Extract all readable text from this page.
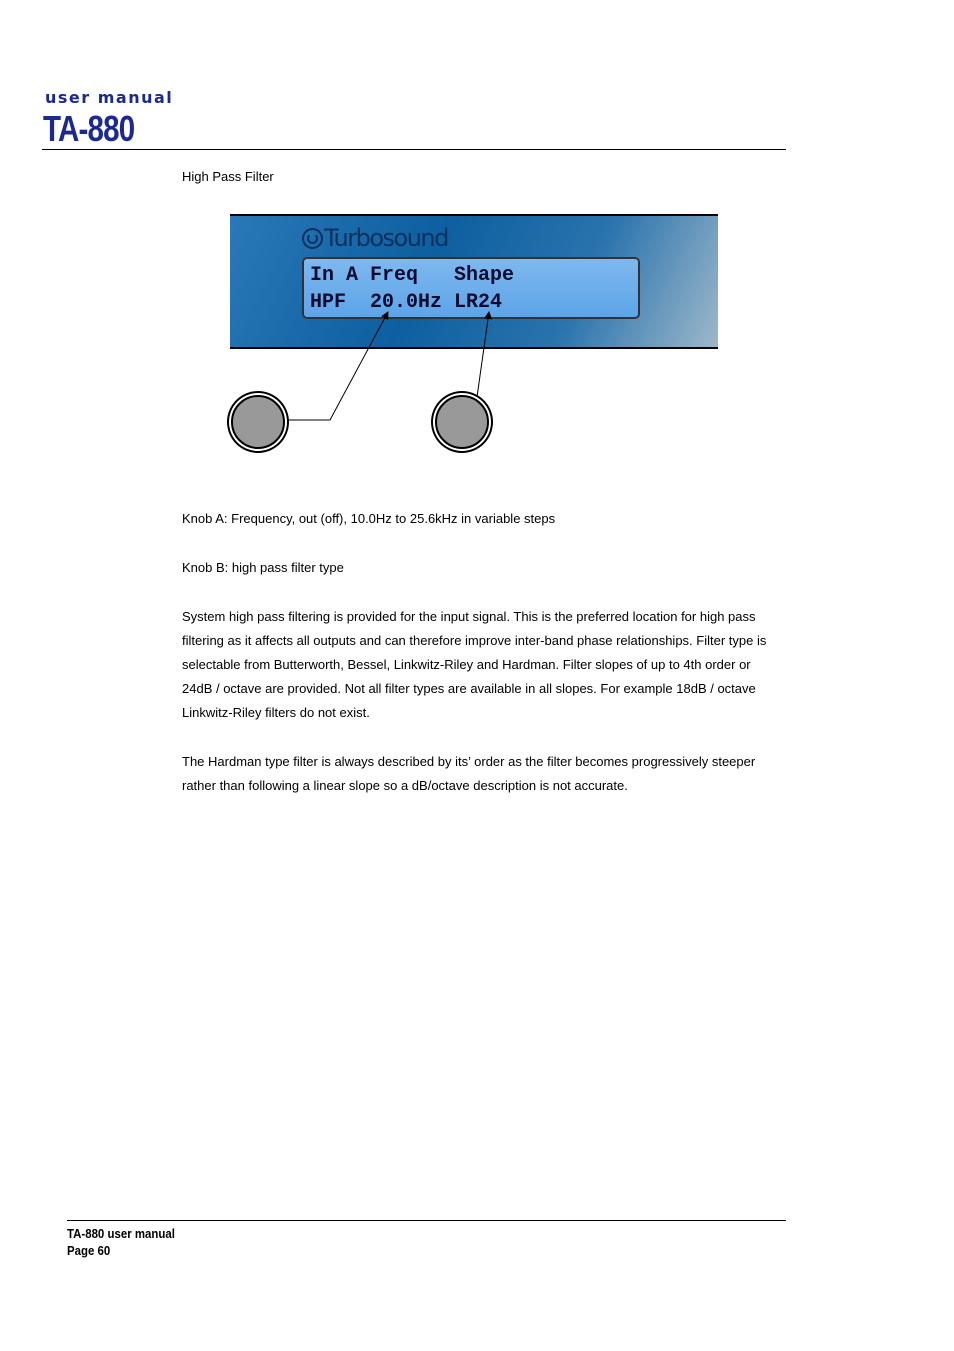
user manual
TA-880
High Pass Filter
Turbosound
In A Freq   Shape
HPF  20.0Hz LR24
Knob A: Frequency, out (off), 10.0Hz to 25.6kHz in variable steps
Knob B: high pass filter type
System high pass filtering is provided for the input signal. This is the preferred location for high pass filtering as it affects all outputs and can therefore improve inter-band phase relationships. Filter type is selectable from Butterworth, Bessel, Linkwitz-Riley and Hardman. Filter slopes of up to 4th order or 24dB / octave are provided. Not all filter types are available in all slopes. For example 18dB / octave Linkwitz-Riley filters do not exist.
The Hardman type filter is always described by its’ order as the filter becomes progressively steeper rather than following a linear slope so a dB/octave description is not accurate.
TA-880 user manual
Page 60
